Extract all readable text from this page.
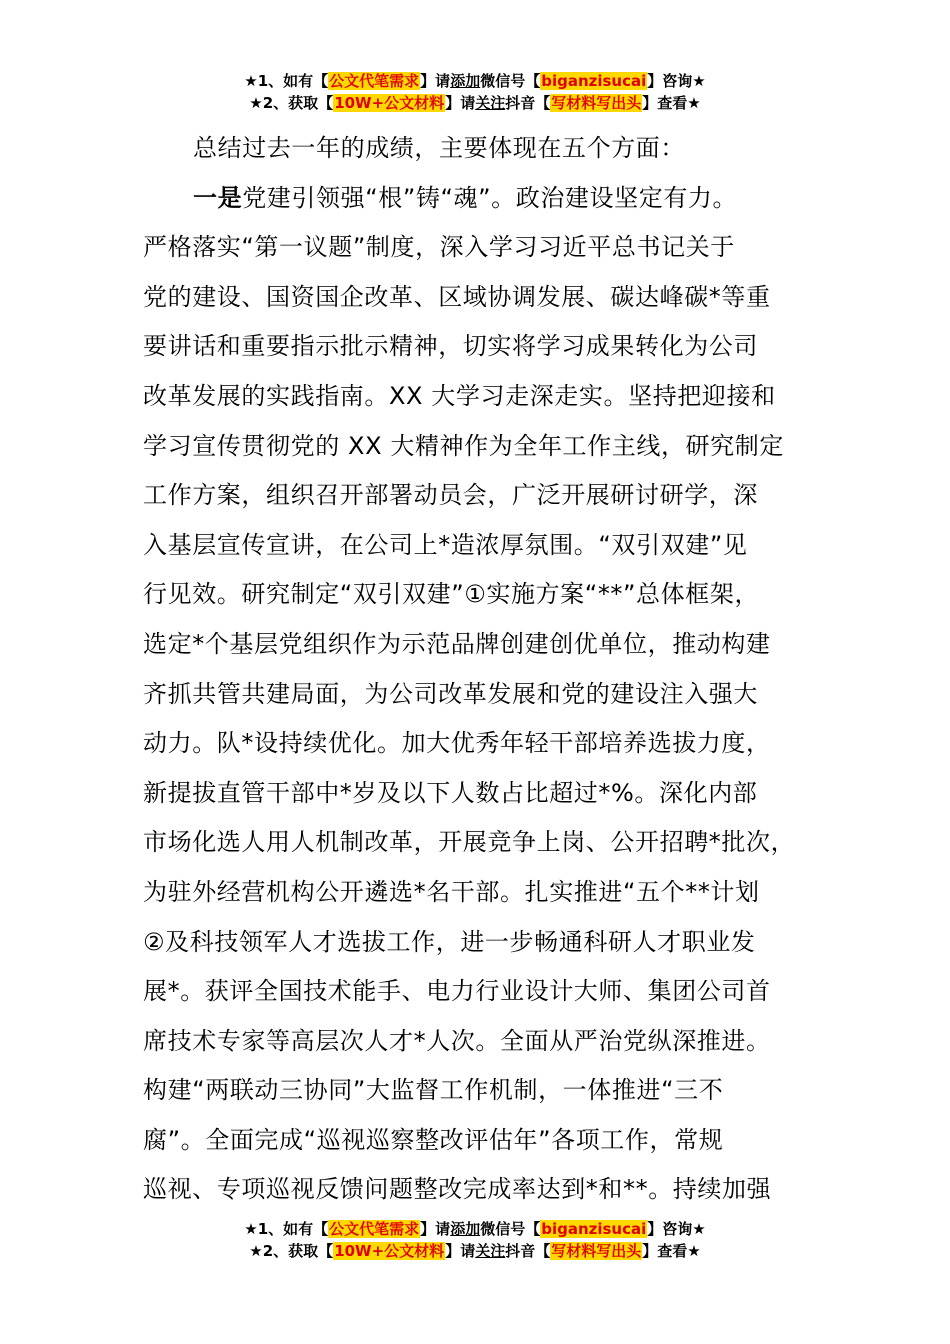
★1、如有【公文代笔需求】请添加微信号【biganzisucai】咨询★
★2、获取【10W+公文材料】请关注抖音【写材料写出头】查看★
总结过去一年的成绩，主要体现在五个方面：
一是党建引领强“根”铸“魂”。政治建设坚定有力。
严格落实“第一议题”制度，深入学习习近平总书记关于
党的建设、国资国企改革、区域协调发展、碳达峰碳*等重
要讲话和重要指示批示精神，切实将学习成果转化为公司
改革发展的实践指南。XX 大学习走深走实。坚持把迎接和
学习宣传贯彻党的 XX 大精神作为全年工作主线，研究制定
工作方案，组织召开部署动员会，广泛开展研讨研学，深
入基层宣传宣讲，在公司上*造浓厚氛围。“双引双建”见
行见效。研究制定“双引双建”①实施方案“**”总体框架，
选定*个基层党组织作为示范品牌创建创优单位，推动构建
齐抓共管共建局面，为公司改革发展和党的建设注入强大
动力。队*设持续优化。加大优秀年轻干部培养选拔力度，
新提拔直管干部中*岁及以下人数占比超过*%。深化内部
市场化选人用人机制改革，开展竞争上岗、公开招聘*批次，
为驻外经营机构公开遴选*名干部。扎实推进“五个**计划
②及科技领军人才选拔工作，进一步畅通科研人才职业发
展*。获评全国技术能手、电力行业设计大师、集团公司首
席技术专家等高层次人才*人次。全面从严治党纵深推进。
构建“两联动三协同”大监督工作机制，一体推进“三不
腐”。全面完成“巡视巡察整改评估年”各项工作，常规
巡视、专项巡视反馈问题整改完成率达到*和**。持续加强
★1、如有【公文代笔需求】请添加微信号【biganzisucai】咨询★
★2、获取【10W+公文材料】请关注抖音【写材料写出头】查看★
